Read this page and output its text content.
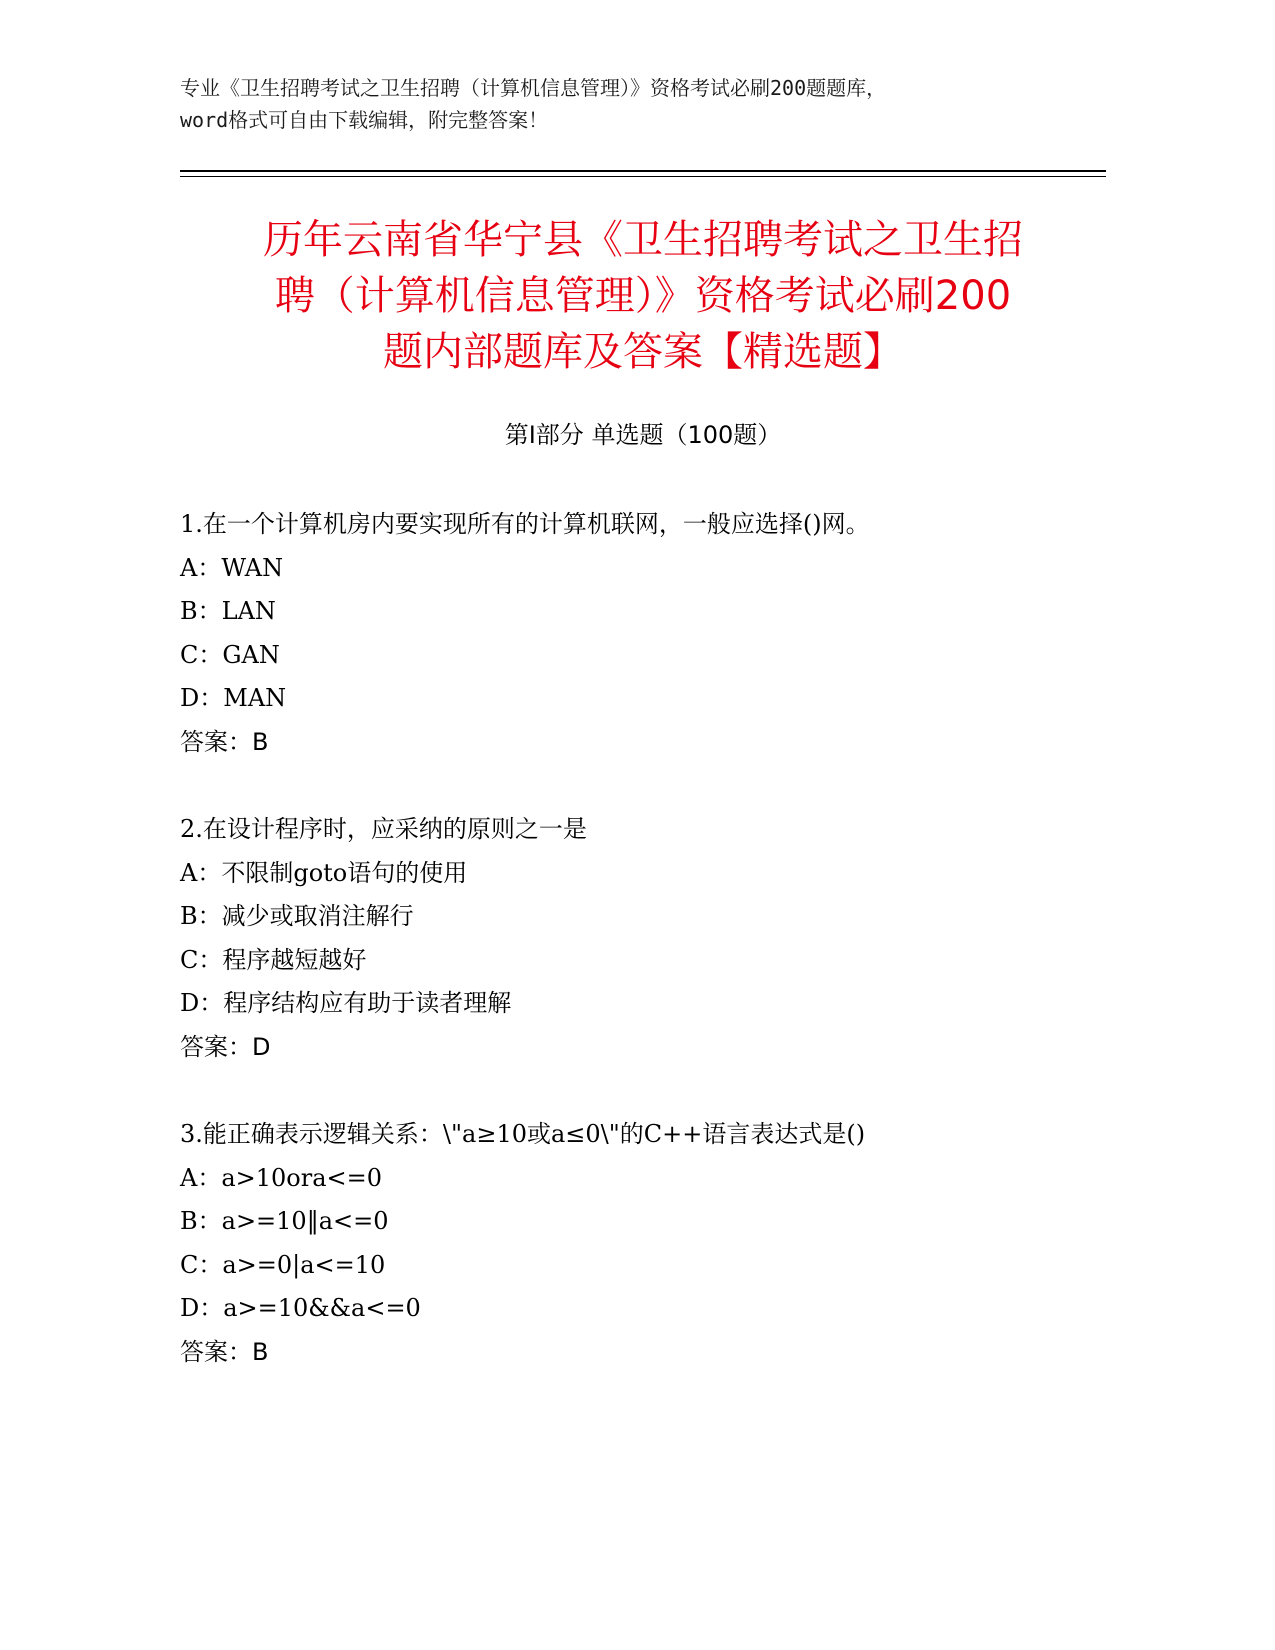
专业《卫生招聘考试之卫生招聘（计算机信息管理）》资格考试必刷200题题库，

word格式可自由下载编辑，附完整答案！

历年云南省华宁县《卫生招聘考试之卫生招
聘（计算机信息管理）》资格考试必刷200
题内部题库及答案【精选题】
第Ⅰ部分 单选题（100题）

1.在一个计算机房内要实现所有的计算机联网，一般应选择()网。

A：WAN

B：LAN

C：GAN

D：MAN

答案：B

2.在设计程序时，应采纳的原则之一是

A：不限制goto语句的使用

B：减少或取消注解行

C：程序越短越好

D：程序结构应有助于读者理解

答案：D

3.能正确表示逻辑关系：\"a≥10或a≤0\"的C++语言表达式是()

A：a>10ora<=0

B：a>=10‖a<=0

C：a>=0|a<=10

D：a>=10&&a<=0

答案：B
